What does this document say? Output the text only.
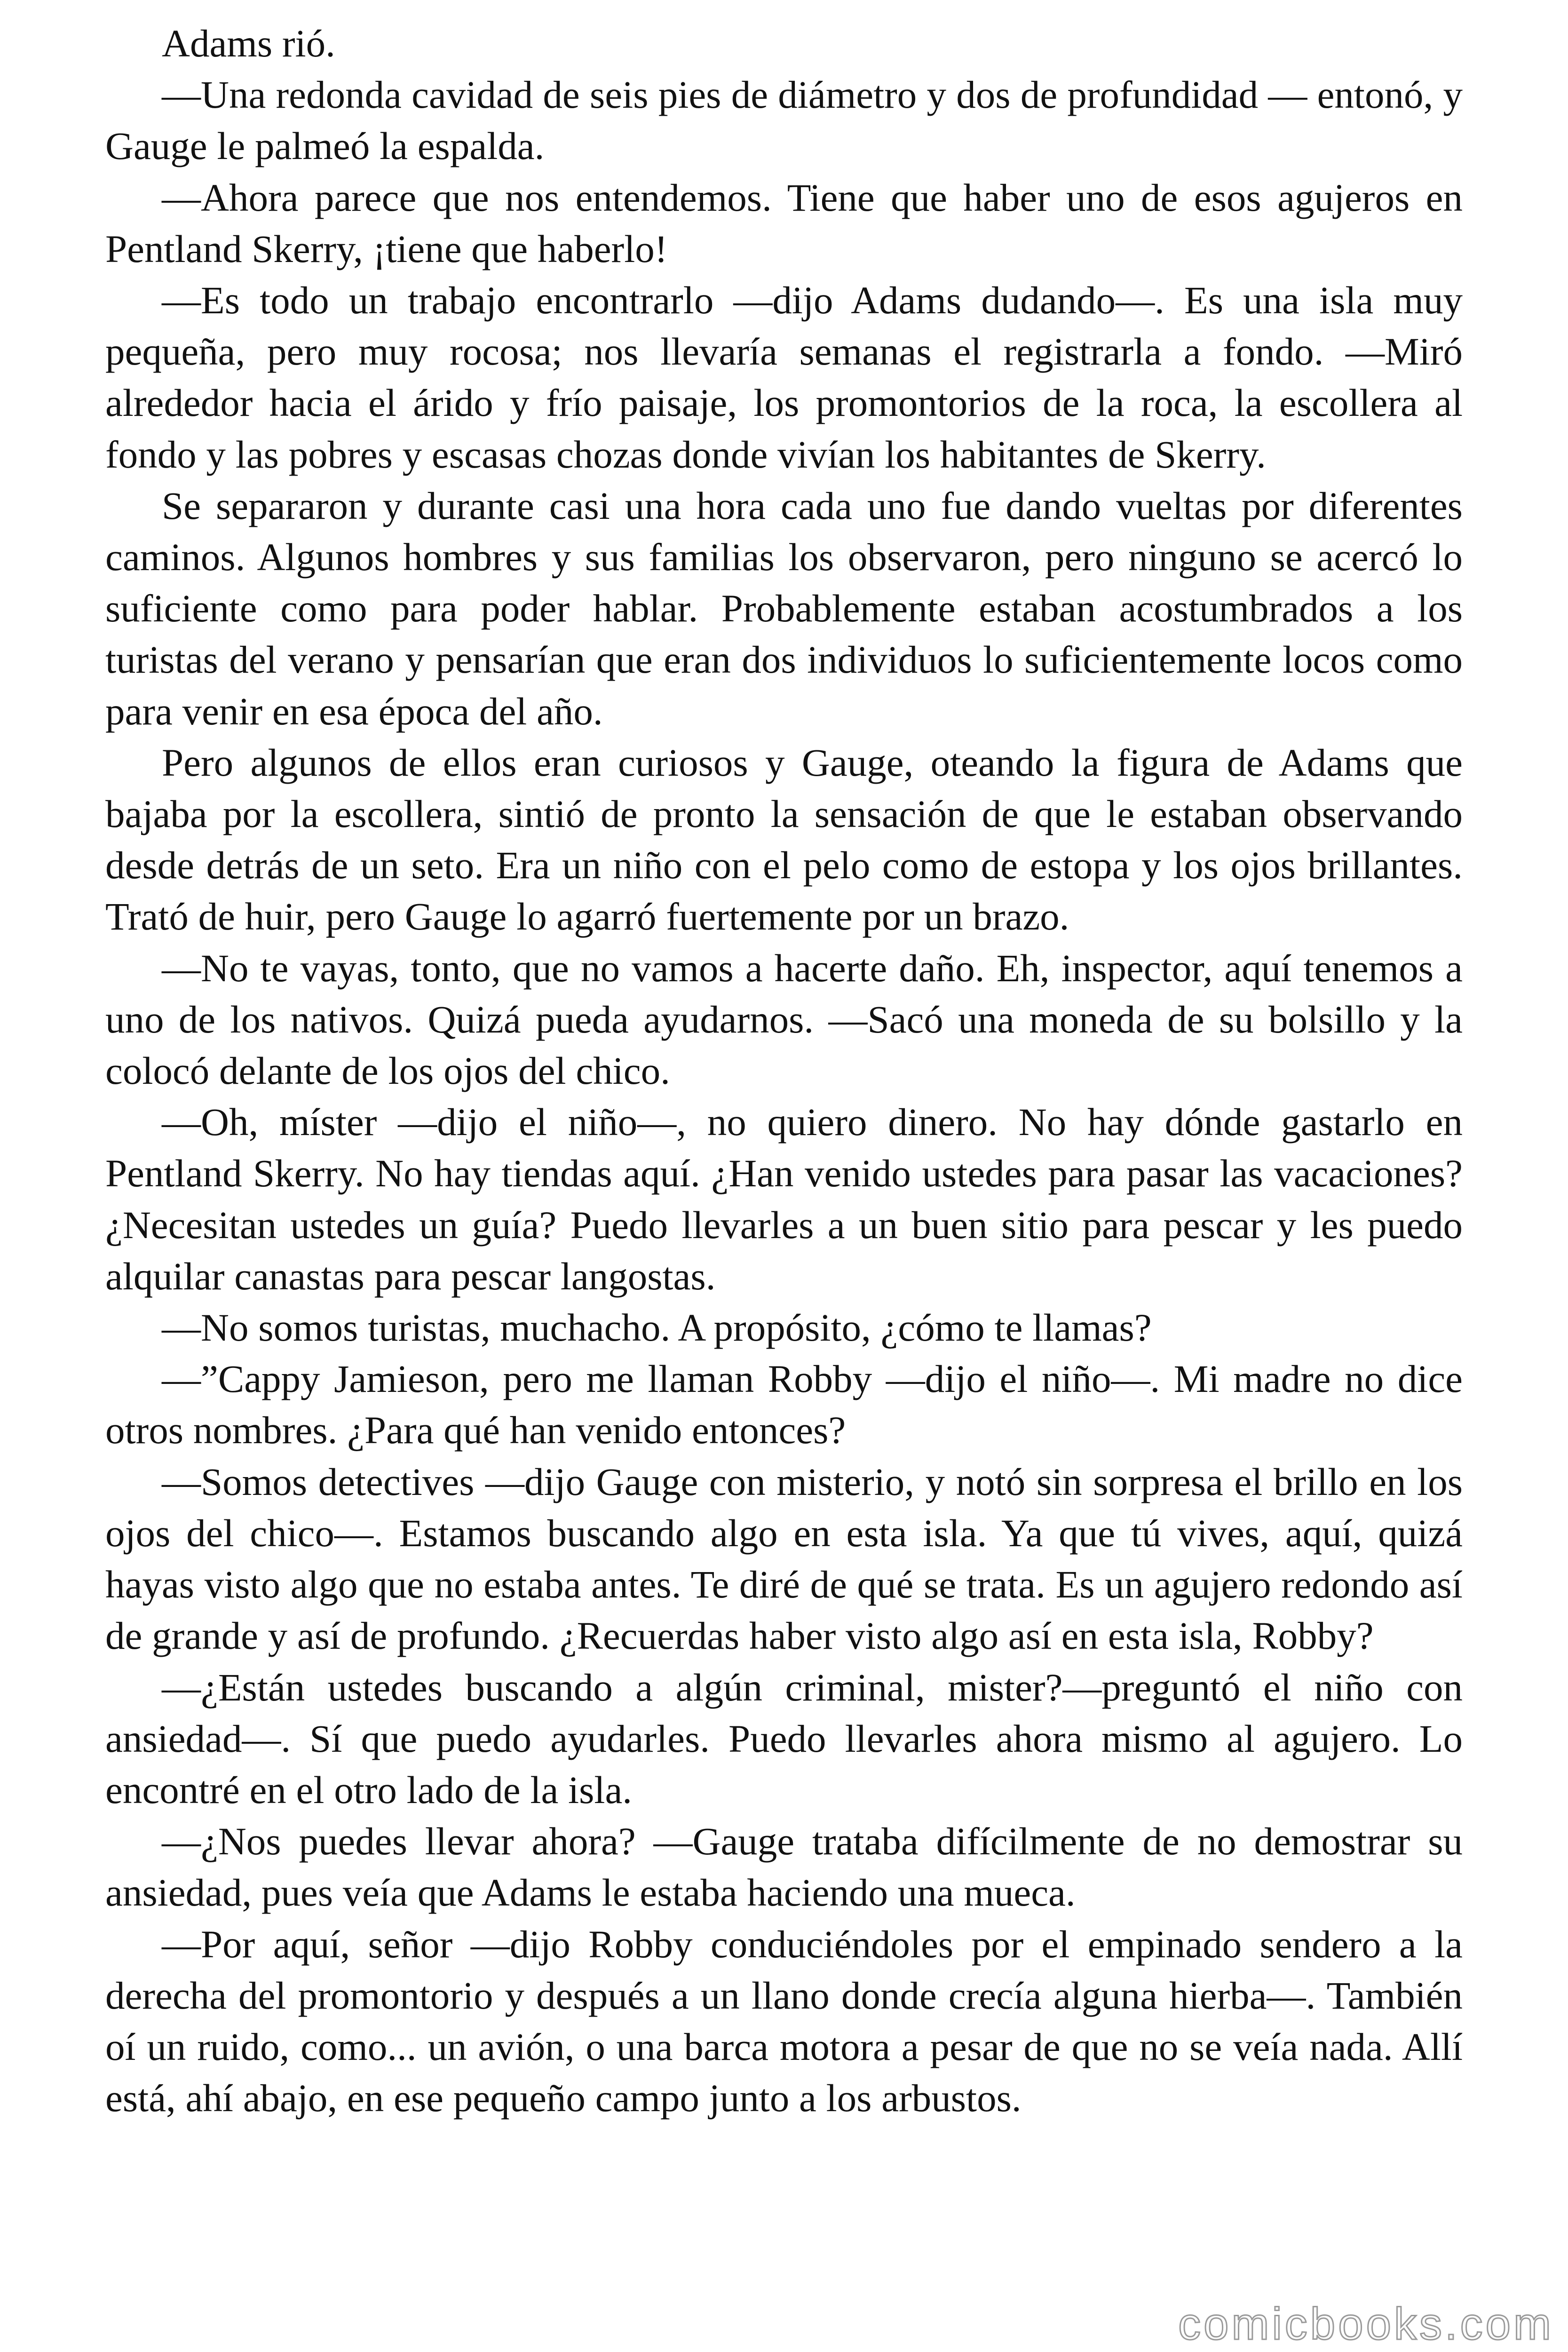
Adams rió.

—Una redonda cavidad de seis pies de diámetro y dos de profundidad — entonó, y Gauge le palmeó la espalda.

—Ahora parece que nos entendemos. Tiene que haber uno de esos agujeros en Pentland Skerry, ¡tiene que haberlo!

—Es todo un trabajo encontrarlo —dijo Adams dudando—. Es una isla muy pequeña, pero muy rocosa; nos llevaría semanas el registrarla a fondo. —Miró alrededor hacia el árido y frío paisaje, los promontorios de la roca, la escollera al fondo y las pobres y escasas chozas donde vivían los habitantes de Skerry.

Se separaron y durante casi una hora cada uno fue dando vueltas por diferentes caminos. Algunos hombres y sus familias los observaron, pero ninguno se acercó lo suficiente como para poder hablar. Probablemente estaban acostumbrados a los turistas del verano y pensarían que eran dos individuos lo suficientemente locos como para venir en esa época del año.

Pero algunos de ellos eran curiosos y Gauge, oteando la figura de Adams que bajaba por la escollera, sintió de pronto la sensación de que le estaban observando desde detrás de un seto. Era un niño con el pelo como de estopa y los ojos brillantes. Trató de huir, pero Gauge lo agarró fuertemente por un brazo.

—No te vayas, tonto, que no vamos a hacerte daño. Eh, inspector, aquí tenemos a uno de los nativos. Quizá pueda ayudarnos. —Sacó una moneda de su bolsillo y la colocó delante de los ojos del chico.

—Oh, míster —dijo el niño—, no quiero dinero. No hay dónde gastarlo en Pentland Skerry. No hay tiendas aquí. ¿Han venido ustedes para pasar las vacaciones? ¿Necesitan ustedes un guía? Puedo llevarles a un buen sitio para pescar y les puedo alquilar canastas para pescar langostas.

—No somos turistas, muchacho. A propósito, ¿cómo te llamas?

—”Cappy Jamieson, pero me llaman Robby —dijo el niño—. Mi madre no dice otros nombres. ¿Para qué han venido entonces?

—Somos detectives —dijo Gauge con misterio, y notó sin sorpresa el brillo en los ojos del chico—. Estamos buscando algo en esta isla. Ya que tú vives, aquí, quizá hayas visto algo que no estaba antes. Te diré de qué se trata. Es un agujero redondo así de grande y así de profundo. ¿Recuerdas haber visto algo así en esta isla, Robby?

—¿Están ustedes buscando a algún criminal, mister?—preguntó el niño con ansiedad—. Sí que puedo ayudarles. Puedo llevarles ahora mismo al agujero. Lo encontré en el otro lado de la isla.

—¿Nos puedes llevar ahora? —Gauge trataba difícilmente de no demostrar su ansiedad, pues veía que Adams le estaba haciendo una mueca.

—Por aquí, señor —dijo Robby conduciéndoles por el empinado sendero a la derecha del promontorio y después a un llano donde crecía alguna hierba—. También oí un ruido, como... un avión, o una barca motora a pesar de que no se veía nada. Allí está, ahí abajo, en ese pequeño campo junto a los arbustos.

comicbooks.com
